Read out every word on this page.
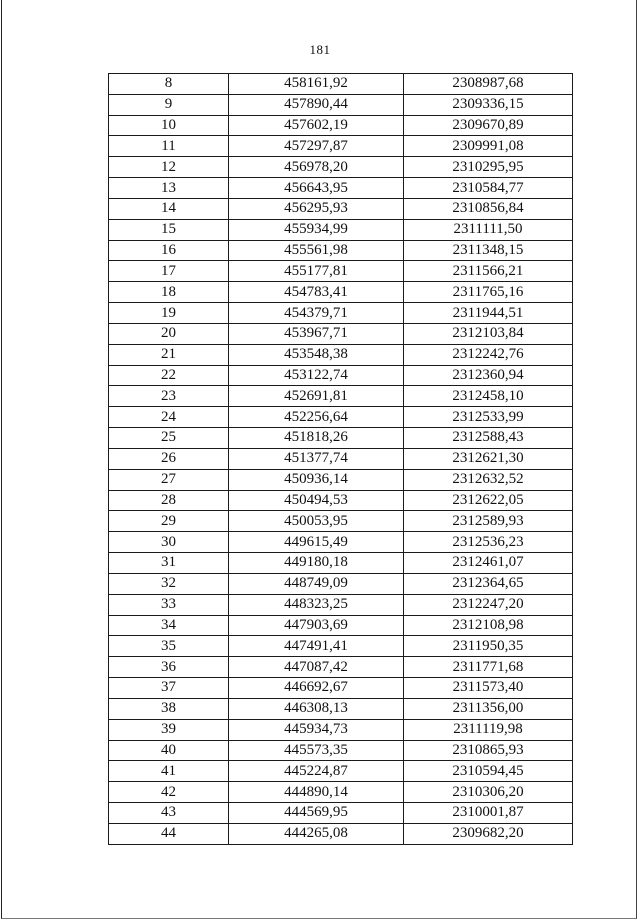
181
8	458161,92	2308987,68
9	457890,44	2309336,15
10	457602,19	2309670,89
11	457297,87	2309991,08
12	456978,20	2310295,95
13	456643,95	2310584,77
14	456295,93	2310856,84
15	455934,99	2311111,50
16	455561,98	2311348,15
17	455177,81	2311566,21
18	454783,41	2311765,16
19	454379,71	2311944,51
20	453967,71	2312103,84
21	453548,38	2312242,76
22	453122,74	2312360,94
23	452691,81	2312458,10
24	452256,64	2312533,99
25	451818,26	2312588,43
26	451377,74	2312621,30
27	450936,14	2312632,52
28	450494,53	2312622,05
29	450053,95	2312589,93
30	449615,49	2312536,23
31	449180,18	2312461,07
32	448749,09	2312364,65
33	448323,25	2312247,20
34	447903,69	2312108,98
35	447491,41	2311950,35
36	447087,42	2311771,68
37	446692,67	2311573,40
38	446308,13	2311356,00
39	445934,73	2311119,98
40	445573,35	2310865,93
41	445224,87	2310594,45
42	444890,14	2310306,20
43	444569,95	2310001,87
44	444265,08	2309682,20
